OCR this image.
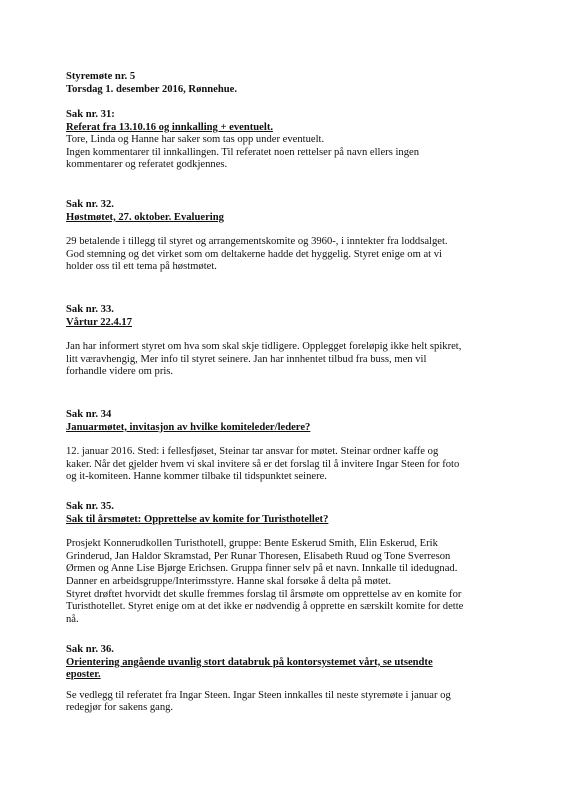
Styremøte nr. 5
Torsdag 1. desember 2016, Rønnehue.
Sak nr. 31:
Referat fra 13.10.16 og innkalling + eventuelt.
Tore, Linda og Hanne har saker som tas opp under eventuelt.
Ingen kommentarer til innkallingen. Til referatet noen rettelser på navn ellers ingen
kommentarer og referatet godkjennes.
Sak nr. 32.
Høstmøtet, 27. oktober. Evaluering
29 betalende i tillegg til styret og arrangementskomite og 3960-, i inntekter fra loddsalget.
God stemning og det virket som om deltakerne hadde det hyggelig. Styret enige om at vi
holder oss til ett tema på høstmøtet.
Sak nr. 33.
Vårtur 22.4.17
Jan har informert styret om hva som skal skje tidligere. Opplegget foreløpig ikke helt spikret,
litt væravhengig, Mer info til styret seinere. Jan har innhentet tilbud fra buss, men vil
forhandle videre om pris.
Sak nr. 34
Januarmøtet, invitasjon av hvilke komiteleder/ledere?
12. januar 2016. Sted: i fellesfjøset, Steinar tar ansvar for møtet. Steinar ordner kaffe og
kaker. Når det gjelder hvem vi skal invitere så er det forslag til å invitere Ingar Steen for foto
og it-komiteen. Hanne kommer tilbake til tidspunktet seinere.
Sak nr. 35.
Sak til årsmøtet: Opprettelse av komite for Turisthotellet?
Prosjekt Konnerudkollen Turisthotell, gruppe: Bente Eskerud Smith, Elin Eskerud, Erik
Grinderud, Jan Haldor Skramstad, Per Runar Thoresen, Elisabeth Ruud og Tone Sverreson
Ørmen og Anne Lise Bjørge Erichsen. Gruppa finner selv på et navn. Innkalle til idedugnad.
Danner en arbeidsgruppe/Interimsstyre. Hanne skal forsøke å delta på møtet.
Styret drøftet hvorvidt det skulle fremmes forslag til årsmøte om opprettelse av en komite for
Turisthotellet. Styret enige om at det ikke er nødvendig å opprette en særskilt komite for dette
nå.
Sak nr. 36.
Orientering angående uvanlig stort databruk på kontorsystemet vårt, se utsendte
eposter.
Se vedlegg til referatet fra Ingar Steen. Ingar Steen innkalles til neste styremøte i januar og
redegjør for sakens gang.
